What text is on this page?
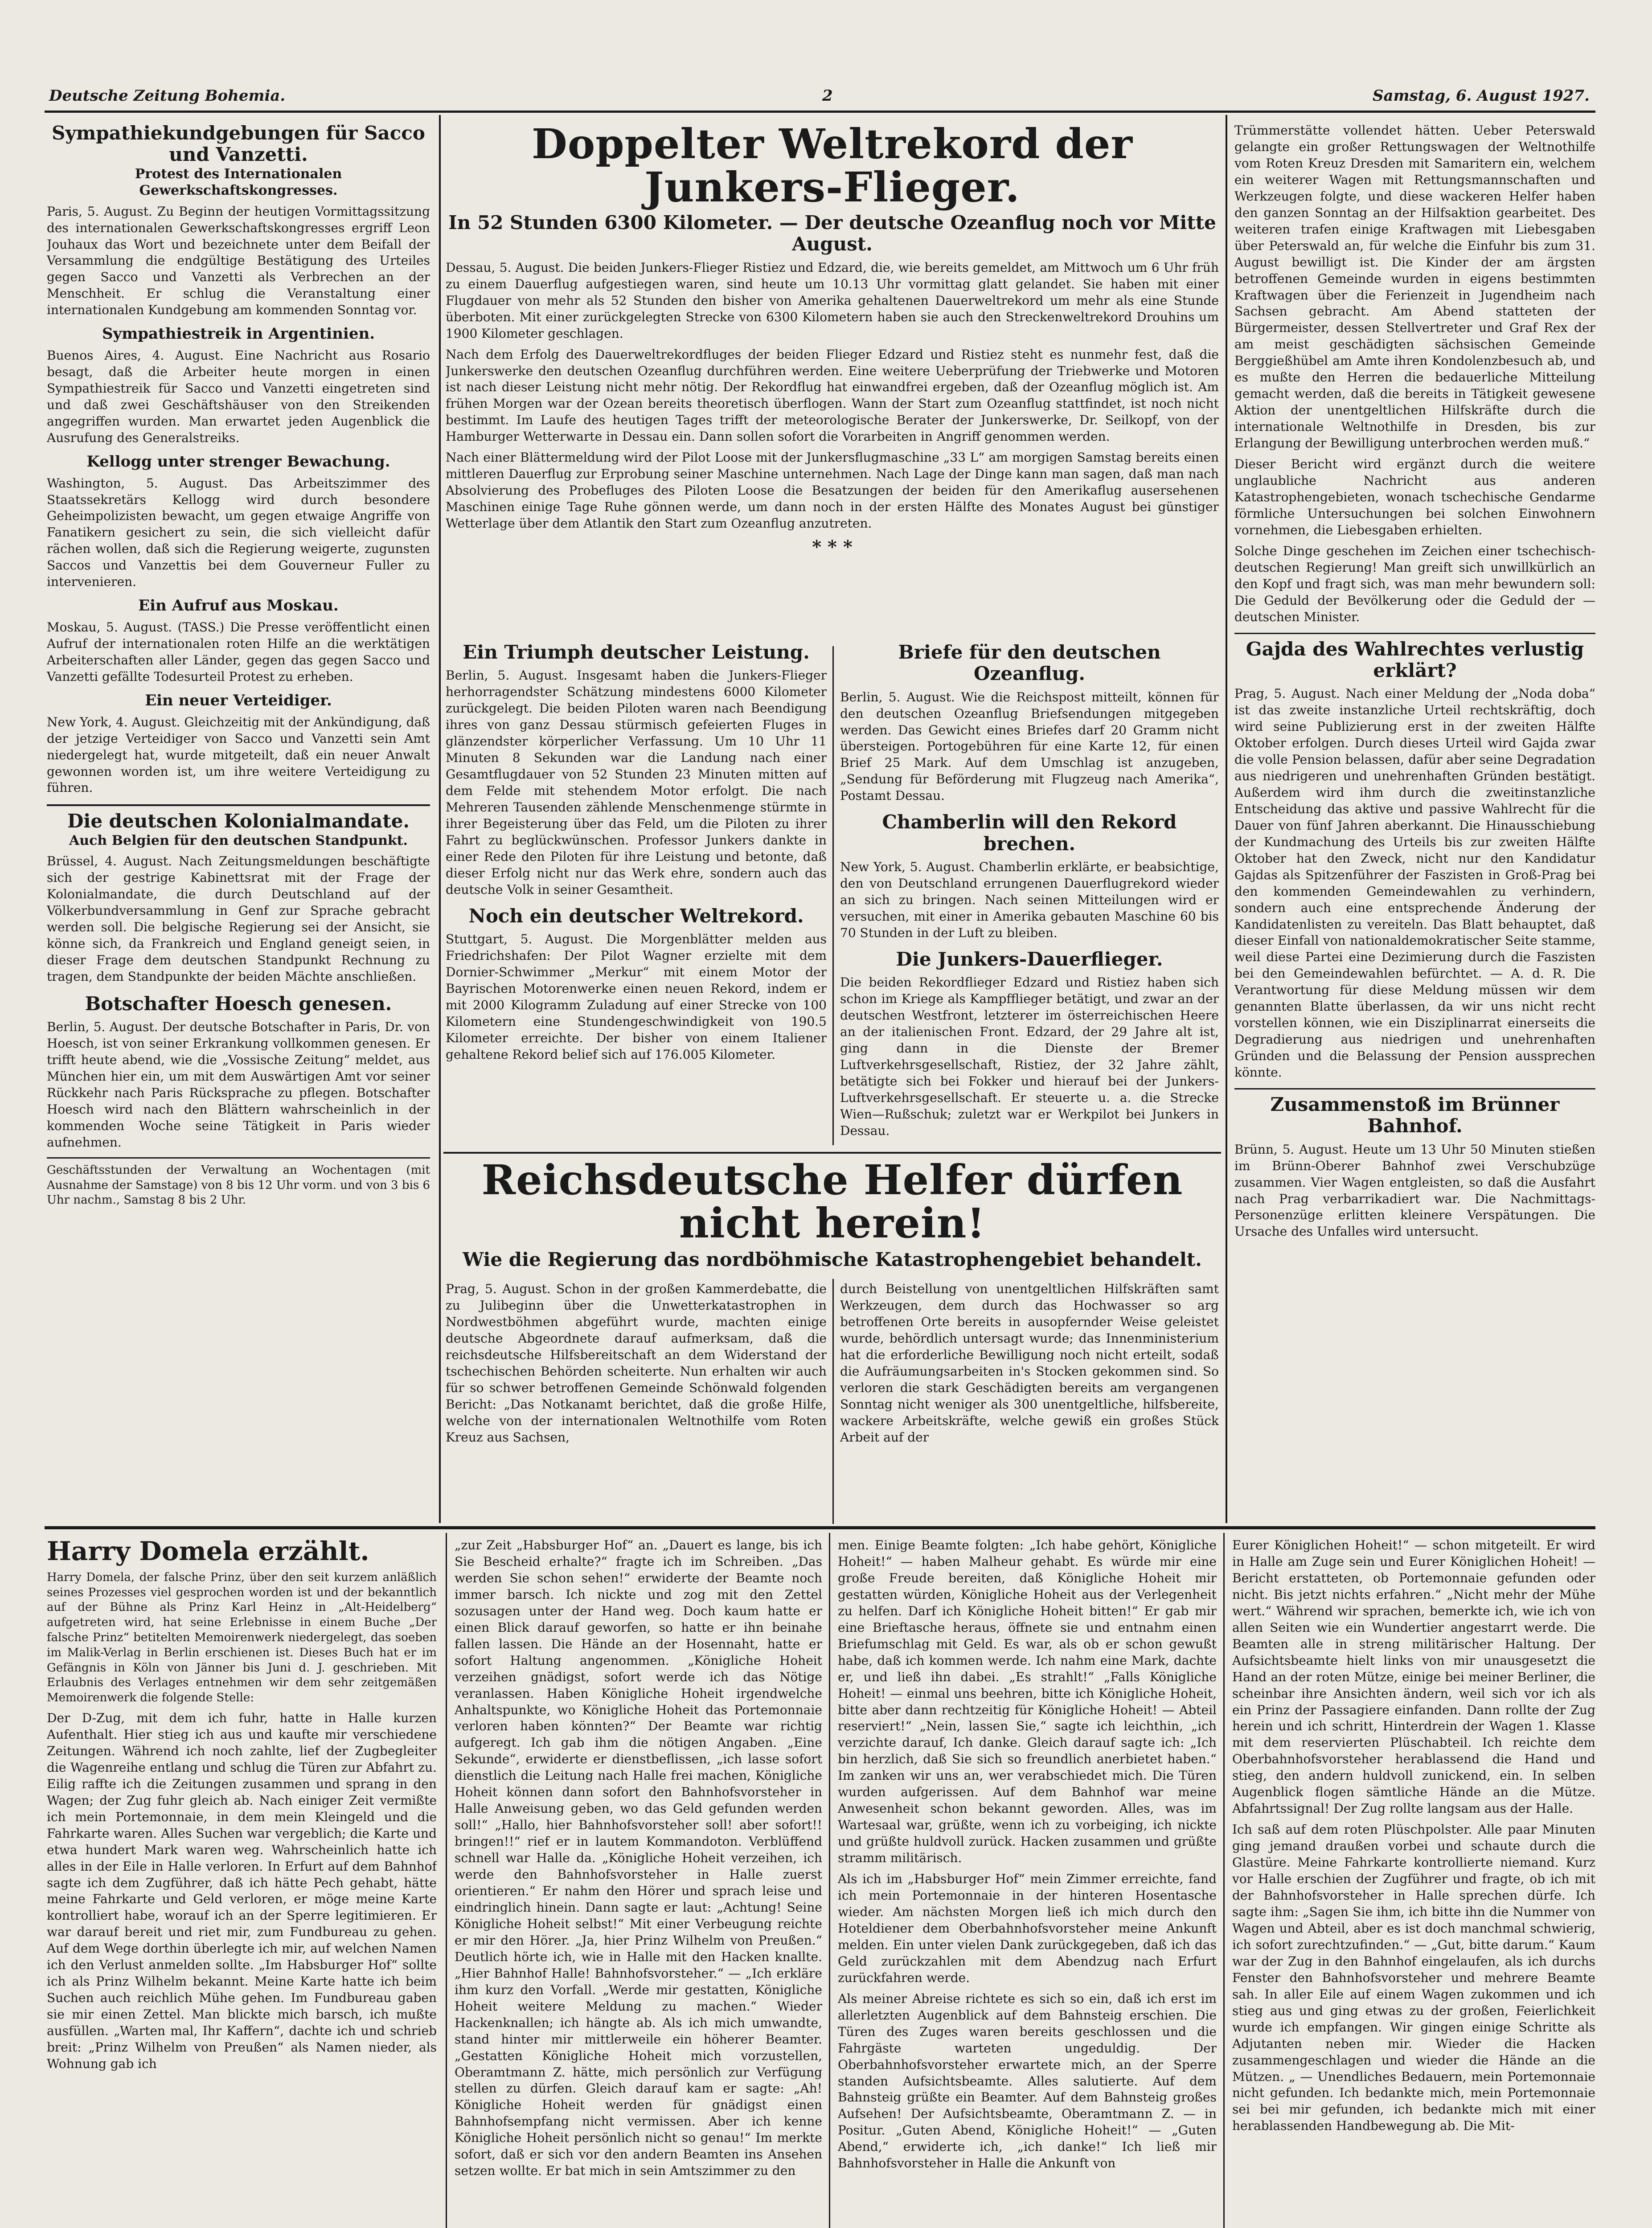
Deutsche Zeitung Bohemia.	2	Samstag, 6. August 1927.
Sympathiekundgebungen für Sacco und Vanzetti.
Protest des Internationalen Gewerkschaftskongresses.

Paris, 5. August. Zu Beginn der heutigen Vormittagssitzung des internationalen Gewerkschaftskongresses ergriff Leon Jouhaux das Wort und bezeichnete unter dem Beifall der Versammlung die endgültige Bestätigung des Urteiles gegen Sacco und Vanzetti als Verbrechen an der Menschheit. Er schlug die Veranstaltung einer internationalen Kundgebung am kommenden Sonntag vor.

Sympathiestreik in Argentinien.

Buenos Aires, 4. August. Eine Nachricht aus Rosario besagt, daß die Arbeiter heute morgen in einen Sympathiestreik für Sacco und Vanzetti eingetreten sind und daß zwei Geschäftshäuser von den Streikenden angegriffen wurden. Man erwartet jeden Augenblick die Ausrufung des Generalstreiks.

Kellogg unter strenger Bewachung.

Washington, 5. August. Das Arbeitszimmer des Staatssekretärs Kellogg wird durch besondere Geheimpolizisten bewacht, um gegen etwaige Angriffe von Fanatikern gesichert zu sein, die sich vielleicht dafür rächen wollen, daß sich die Regierung weigerte, zugunsten Saccos und Vanzettis bei dem Gouverneur Fuller zu intervenieren.

Ein Aufruf aus Moskau.

Moskau, 5. August. (TASS.) Die Presse veröffentlicht einen Aufruf der internationalen roten Hilfe an die werktätigen Arbeiterschaften aller Länder, gegen das gegen Sacco und Vanzetti gefällte Todesurteil Protest zu erheben.

Ein neuer Verteidiger.

New York, 4. August. Gleichzeitig mit der Ankündigung, daß der jetzige Verteidiger von Sacco und Vanzetti sein Amt niedergelegt hat, wurde mitgeteilt, daß ein neuer Anwalt gewonnen worden ist, um ihre weitere Verteidigung zu führen.

Die deutschen Kolonialmandate.
Auch Belgien für den deutschen Standpunkt.

Brüssel, 4. August. Nach Zeitungsmeldungen beschäftigte sich der gestrige Kabinettsrat mit der Frage der Kolonialmandate, die durch Deutschland auf der Völkerbundversammlung in Genf zur Sprache gebracht werden soll. Die belgische Regierung sei der Ansicht, sie könne sich, da Frankreich und England geneigt seien, in dieser Frage dem deutschen Standpunkt Rechnung zu tragen, dem Standpunkte der beiden Mächte anschließen.

Botschafter Hoesch genesen.

Berlin, 5. August. Der deutsche Botschafter in Paris, Dr. von Hoesch, ist von seiner Erkrankung vollkommen genesen. Er trifft heute abend, wie die „Vossische Zeitung“ meldet, aus München hier ein, um mit dem Auswärtigen Amt vor seiner Rückkehr nach Paris Rücksprache zu pflegen. Botschafter Hoesch wird nach den Blättern wahrscheinlich in der kommenden Woche seine Tätigkeit in Paris wieder aufnehmen.

Geschäftsstunden der Verwaltung an Wochentagen (mit Ausnahme der Samstage) von 8 bis 12 Uhr vorm. und von 3 bis 6 Uhr nachm., Samstag 8 bis 2 Uhr.

Doppelter Weltrekord der Junkers-Flieger.
In 52 Stunden 6300 Kilometer. — Der deutsche Ozeanflug noch vor Mitte August.

Dessau, 5. August. Die beiden Junkers-Flieger Ristiez und Edzard, die, wie bereits gemeldet, am Mittwoch um 6 Uhr früh zu einem Dauerflug aufgestiegen waren, sind heute um 10.13 Uhr vormittag glatt gelandet. Sie haben mit einer Flugdauer von mehr als 52 Stunden den bisher von Amerika gehaltenen Dauerweltrekord um mehr als eine Stunde überboten. Mit einer zurückgelegten Strecke von 6300 Kilometern haben sie auch den Streckenweltrekord Drouhins um 1900 Kilometer geschlagen.

Nach dem Erfolg des Dauerweltrekordfluges der beiden Flieger Edzard und Ristiez steht es nunmehr fest, daß die Junkerswerke den deutschen Ozeanflug durchführen werden. Eine weitere Ueberprüfung der Triebwerke und Motoren ist nach dieser Leistung nicht mehr nötig. Der Rekordflug hat einwandfrei ergeben, daß der Ozeanflug möglich ist. Am frühen Morgen war der Ozean bereits theoretisch überflogen. Wann der Start zum Ozeanflug stattfindet, ist noch nicht bestimmt. Im Laufe des heutigen Tages trifft der meteorologische Berater der Junkerswerke, Dr. Seilkopf, von der Hamburger Wetterwarte in Dessau ein. Dann sollen sofort die Vorarbeiten in Angriff genommen werden.

Nach einer Blättermeldung wird der Pilot Loose mit der Junkersflugmaschine „33 L“ am morgigen Samstag bereits einen mittleren Dauerflug zur Erprobung seiner Maschine unternehmen. Nach Lage der Dinge kann man sagen, daß man nach Absolvierung des Probefluges des Piloten Loose die Besatzungen der beiden für den Amerikaflug ausersehenen Maschinen einige Tage Ruhe gönnen werde, um dann noch in der ersten Hälfte des Monates August bei günstiger Wetterlage über dem Atlantik den Start zum Ozeanflug anzutreten.

* * *
Ein Triumph deutscher Leistung.

Berlin, 5. August. Insgesamt haben die Junkers-Flieger herhorragendster Schätzung mindestens 6000 Kilometer zurückgelegt. Die beiden Piloten waren nach Beendigung ihres von ganz Dessau stürmisch gefeierten Fluges in glänzendster körperlicher Verfassung. Um 10 Uhr 11 Minuten 8 Sekunden war die Landung nach einer Gesamtflugdauer von 52 Stunden 23 Minuten mitten auf dem Felde mit stehendem Motor erfolgt. Die nach Mehreren Tausenden zählende Menschenmenge stürmte in ihrer Begeisterung über das Feld, um die Piloten zu ihrer Fahrt zu beglückwünschen. Professor Junkers dankte in einer Rede den Piloten für ihre Leistung und betonte, daß dieser Erfolg nicht nur das Werk ehre, sondern auch das deutsche Volk in seiner Gesamtheit.

Noch ein deutscher Weltrekord.

Stuttgart, 5. August. Die Morgenblätter melden aus Friedrichshafen: Der Pilot Wagner erzielte mit dem Dornier-Schwimmer „Merkur“ mit einem Motor der Bayrischen Motorenwerke einen neuen Rekord, indem er mit 2000 Kilogramm Zuladung auf einer Strecke von 100 Kilometern eine Stundengeschwindigkeit von 190.5 Kilometer erreichte. Der bisher von einem Italiener gehaltene Rekord belief sich auf 176.005 Kilometer.

Briefe für den deutschen Ozeanflug.

Berlin, 5. August. Wie die Reichspost mitteilt, können für den deutschen Ozeanflug Briefsendungen mitgegeben werden. Das Gewicht eines Briefes darf 20 Gramm nicht übersteigen. Portogebühren für eine Karte 12, für einen Brief 25 Mark. Auf dem Umschlag ist anzugeben, „Sendung für Beförderung mit Flugzeug nach Amerika“, Postamt Dessau.

Chamberlin will den Rekord brechen.

New York, 5. August. Chamberlin erklärte, er beabsichtige, den von Deutschland errungenen Dauerflugrekord wieder an sich zu bringen. Nach seinen Mitteilungen wird er versuchen, mit einer in Amerika gebauten Maschine 60 bis 70 Stunden in der Luft zu bleiben.

Die Junkers-Dauerflieger.

Die beiden Rekordflieger Edzard und Ristiez haben sich schon im Kriege als Kampfflieger betätigt, und zwar an der deutschen Westfront, letzterer im österreichischen Heere an der italienischen Front. Edzard, der 29 Jahre alt ist, ging dann in die Dienste der Bremer Luftverkehrsgesellschaft, Ristiez, der 32 Jahre zählt, betätigte sich bei Fokker und hierauf bei der Junkers-Luftverkehrsgesellschaft. Er steuerte u. a. die Strecke Wien—Rußschuk; zuletzt war er Werkpilot bei Junkers in Dessau.

Reichsdeutsche Helfer dürfen nicht herein!
Wie die Regierung das nordböhmische Katastrophengebiet behandelt.

Prag, 5. August. Schon in der großen Kammerdebatte, die zu Julibeginn über die Unwetterkatastrophen in Nordwestböhmen abgeführt wurde, machten einige deutsche Abgeordnete darauf aufmerksam, daß die reichsdeutsche Hilfsbereitschaft an dem Widerstand der tschechischen Behörden scheiterte. Nun erhalten wir auch für so schwer betroffenen Gemeinde Schönwald folgenden Bericht: „Das Notkanamt berichtet, daß die große Hilfe, welche von der internationalen Weltnothilfe vom Roten Kreuz aus Sachsen,

durch Beistellung von unentgeltlichen Hilfskräften samt Werkzeugen, dem durch das Hochwasser so arg betroffenen Orte bereits in ausopfernder Weise geleistet wurde, behördlich untersagt wurde; das Innenministerium hat die erforderliche Bewilligung noch nicht erteilt, sodaß die Aufräumungsarbeiten in's Stocken gekommen sind. So verloren die stark Geschädigten bereits am vergangenen Sonntag nicht weniger als 300 unentgeltliche, hilfsbereite, wackere Arbeitskräfte, welche gewiß ein großes Stück Arbeit auf der

Trümmerstätte vollendet hätten. Ueber Peterswald gelangte ein großer Rettungswagen der Weltnothilfe vom Roten Kreuz Dresden mit Samaritern ein, welchem ein weiterer Wagen mit Rettungsmannschaften und Werkzeugen folgte, und diese wackeren Helfer haben den ganzen Sonntag an der Hilfsaktion gearbeitet. Des weiteren trafen einige Kraftwagen mit Liebesgaben über Peterswald an, für welche die Einfuhr bis zum 31. August bewilligt ist. Die Kinder der am ärgsten betroffenen Gemeinde wurden in eigens bestimmten Kraftwagen über die Ferienzeit in Jugendheim nach Sachsen gebracht. Am Abend statteten der Bürgermeister, dessen Stellvertreter und Graf Rex der am meist geschädigten sächsischen Gemeinde Berggießhübel am Amte ihren Kondolenzbesuch ab, und es mußte den Herren die bedauerliche Mitteilung gemacht werden, daß die bereits in Tätigkeit gewesene Aktion der unentgeltlichen Hilfskräfte durch die internationale Weltnothilfe in Dresden, bis zur Erlangung der Bewilligung unterbrochen werden muß.“

Dieser Bericht wird ergänzt durch die weitere unglaubliche Nachricht aus anderen Katastrophengebieten, wonach tschechische Gendarme förmliche Untersuchungen bei solchen Einwohnern vornehmen, die Liebesgaben erhielten.

Solche Dinge geschehen im Zeichen einer tschechisch-deutschen Regierung! Man greift sich unwillkürlich an den Kopf und fragt sich, was man mehr bewundern soll: Die Geduld der Bevölkerung oder die Geduld der — deutschen Minister.

Gajda des Wahlrechtes verlustig erklärt?

Prag, 5. August. Nach einer Meldung der „Noda doba“ ist das zweite instanzliche Urteil rechtskräftig, doch wird seine Publizierung erst in der zweiten Hälfte Oktober erfolgen. Durch dieses Urteil wird Gajda zwar die volle Pension belassen, dafür aber seine Degradation aus niedrigeren und unehrenhaften Gründen bestätigt. Außerdem wird ihm durch die zweitinstanzliche Entscheidung das aktive und passive Wahlrecht für die Dauer von fünf Jahren aberkannt. Die Hinausschiebung der Kundmachung des Urteils bis zur zweiten Hälfte Oktober hat den Zweck, nicht nur den Kandidatur Gajdas als Spitzenführer der Faszisten in Groß-Prag bei den kommenden Gemeindewahlen zu verhindern, sondern auch eine entsprechende Änderung der Kandidatenlisten zu vereiteln. Das Blatt behauptet, daß dieser Einfall von nationaldemokratischer Seite stamme, weil diese Partei eine Dezimierung durch die Faszisten bei den Gemeindewahlen befürchtet. — A. d. R. Die Verantwortung für diese Meldung müssen wir dem genannten Blatte überlassen, da wir uns nicht recht vorstellen können, wie ein Disziplinarrat einerseits die Degradierung aus niedrigen und unehrenhaften Gründen und die Belassung der Pension aussprechen könnte.

Zusammenstoß im Brünner Bahnhof.

Brünn, 5. August. Heute um 13 Uhr 50 Minuten stießen im Brünn-Oberer Bahnhof zwei Verschubzüge zusammen. Vier Wagen entgleisten, so daß die Ausfahrt nach Prag verbarrikadiert war. Die Nachmittags-Personenzüge erlitten kleinere Verspätungen. Die Ursache des Unfalles wird untersucht.

Harry Domela erzählt.

Harry Domela, der falsche Prinz, über den seit kurzem anläßlich seines Prozesses viel gesprochen worden ist und der bekanntlich auf der Bühne als Prinz Karl Heinz in „Alt-Heidelberg“ aufgetreten wird, hat seine Erlebnisse in einem Buche „Der falsche Prinz“ betitelten Memoirenwerk niedergelegt, das soeben im Malik-Verlag in Berlin erschienen ist. Dieses Buch hat er im Gefängnis in Köln von Jänner bis Juni d. J. geschrieben. Mit Erlaubnis des Verlages entnehmen wir dem sehr zeitgemäßen Memoirenwerk die folgende Stelle:

Der D-Zug, mit dem ich fuhr, hatte in Halle kurzen Aufenthalt. Hier stieg ich aus und kaufte mir verschiedene Zeitungen. Während ich noch zahlte, lief der Zugbegleiter die Wagenreihe entlang und schlug die Türen zur Abfahrt zu. Eilig raffte ich die Zeitungen zusammen und sprang in den Wagen; der Zug fuhr gleich ab. Nach einiger Zeit vermißte ich mein Portemonnaie, in dem mein Kleingeld und die Fahrkarte waren. Alles Suchen war vergeblich; die Karte und etwa hundert Mark waren weg. Wahrscheinlich hatte ich alles in der Eile in Halle verloren. In Erfurt auf dem Bahnhof sagte ich dem Zugführer, daß ich hätte Pech gehabt, hätte meine Fahrkarte und Geld verloren, er möge meine Karte kontrolliert habe, worauf ich an der Sperre legitimieren. Er war darauf bereit und riet mir, zum Fundbureau zu gehen. Auf dem Wege dorthin überlegte ich mir, auf welchen Namen ich den Verlust anmelden sollte. „Im Habsburger Hof“ sollte ich als Prinz Wilhelm bekannt. Meine Karte hatte ich beim Suchen auch reichlich Mühe gehen. Im Fundbureau gaben sie mir einen Zettel. Man blickte mich barsch, ich mußte ausfüllen. „Warten mal, Ihr Kaffern“, dachte ich und schrieb breit: „Prinz Wilhelm von Preußen“ als Namen nieder, als Wohnung gab ich

„zur Zeit „Habsburger Hof“ an. „Dauert es lange, bis ich Sie Bescheid erhalte?“ fragte ich im Schreiben. „Das werden Sie schon sehen!“ erwiderte der Beamte noch immer barsch. Ich nickte und zog mit den Zettel sozusagen unter der Hand weg. Doch kaum hatte er einen Blick darauf geworfen, so hatte er ihn beinahe fallen lassen. Die Hände an der Hosennaht, hatte er sofort Haltung angenommen. „Königliche Hoheit verzeihen gnädigst, sofort werde ich das Nötige veranlassen. Haben Königliche Hoheit irgendwelche Anhaltspunkte, wo Königliche Hoheit das Portemonnaie verloren haben könnten?“ Der Beamte war richtig aufgeregt. Ich gab ihm die nötigen Angaben. „Eine Sekunde“, erwiderte er dienstbeflissen, „ich lasse sofort dienstlich die Leitung nach Halle frei machen, Königliche Hoheit können dann sofort den Bahnhofsvorsteher in Halle Anweisung geben, wo das Geld gefunden werden soll!“ „Hallo, hier Bahnhofsvorsteher soll! aber sofort!! bringen!!“ rief er in lautem Kommandoton. Verblüffend schnell war Halle da. „Königliche Hoheit verzeihen, ich werde den Bahnhofsvorsteher in Halle zuerst orientieren.“ Er nahm den Hörer und sprach leise und eindringlich hinein. Dann sagte er laut: „Achtung! Seine Königliche Hoheit selbst!“ Mit einer Verbeugung reichte er mir den Hörer. „Ja, hier Prinz Wilhelm von Preußen.“ Deutlich hörte ich, wie in Halle mit den Hacken knallte. „Hier Bahnhof Halle! Bahnhofsvorsteher.“ — „Ich erkläre ihm kurz den Vorfall. „Werde mir gestatten, Königliche Hoheit weitere Meldung zu machen.“ Wieder Hackenknallen; ich hängte ab. Als ich mich umwandte, stand hinter mir mittlerweile ein höherer Beamter. „Gestatten Königliche Hoheit mich vorzustellen, Oberamtmann Z. hätte, mich persönlich zur Verfügung stellen zu dürfen. Gleich darauf kam er sagte: „Ah! Königliche Hoheit werden für gnädigst einen Bahnhofsempfang nicht vermissen. Aber ich kenne Königliche Hoheit persönlich nicht so genau!“ Im merkte sofort, daß er sich vor den andern Beamten ins Ansehen setzen wollte. Er bat mich in sein Amtszimmer zu den

men. Einige Beamte folgten: „Ich habe gehört, Königliche Hoheit!“ — haben Malheur gehabt. Es würde mir eine große Freude bereiten, daß Königliche Hoheit mir gestatten würden, Königliche Hoheit aus der Verlegenheit zu helfen. Darf ich Königliche Hoheit bitten!“ Er gab mir eine Brieftasche heraus, öffnete sie und entnahm einen Briefumschlag mit Geld. Es war, als ob er schon gewußt habe, daß ich kommen werde. Ich nahm eine Mark, dachte er, und ließ ihn dabei. „Es strahlt!“ „Falls Königliche Hoheit! — einmal uns beehren, bitte ich Königliche Hoheit, bitte aber dann rechtzeitig für Königliche Hoheit! — Abteil reserviert!“ „Nein, lassen Sie,“ sagte ich leichthin, „ich verzichte darauf, Ich danke. Gleich darauf sagte ich: „Ich bin herzlich, daß Sie sich so freundlich anerbietet haben.“ Im zanken wir uns an, wer verabschiedet mich. Die Türen wurden aufgerissen. Auf dem Bahnhof war meine Anwesenheit schon bekannt geworden. Alles, was im Wartesaal war, grüßte, wenn ich zu vorbeiging, ich nickte und grüßte huldvoll zurück. Hacken zusammen und grüßte stramm militärisch.

Als ich im „Habsburger Hof“ mein Zimmer erreichte, fand ich mein Portemonnaie in der hinteren Hosentasche wieder. Am nächsten Morgen ließ ich mich durch den Hoteldiener dem Oberbahnhofsvorsteher meine Ankunft melden. Ein unter vielen Dank zurückgegeben, daß ich das Geld zurückzahlen mit dem Abendzug nach Erfurt zurückfahren werde.

Als meiner Abreise richtete es sich so ein, daß ich erst im allerletzten Augenblick auf dem Bahnsteig erschien. Die Türen des Zuges waren bereits geschlossen und die Fahrgäste warteten ungeduldig. Der Oberbahnhofsvorsteher erwartete mich, an der Sperre standen Aufsichtsbeamte. Alles salutierte. Auf dem Bahnsteig grüßte ein Beamter. Auf dem Bahnsteig großes Aufsehen! Der Aufsichtsbeamte, Oberamtmann Z. — in Positur. „Guten Abend, Königliche Hoheit!“ — „Guten Abend,“ erwiderte ich, „ich danke!“ Ich ließ mir Bahnhofsvorsteher in Halle die Ankunft von

Eurer Königlichen Hoheit!“ — schon mitgeteilt. Er wird in Halle am Zuge sein und Eurer Königlichen Hoheit! — Bericht erstatteten, ob Portemonnaie gefunden oder nicht. Bis jetzt nichts erfahren.“ „Nicht mehr der Mühe wert.“ Während wir sprachen, bemerkte ich, wie ich von allen Seiten wie ein Wundertier angestarrt werde. Die Beamten alle in streng militärischer Haltung. Der Aufsichtsbeamte hielt links von mir unausgesetzt die Hand an der roten Mütze, einige bei meiner Berliner, die scheinbar ihre Ansichten ändern, weil sich vor ich als ein Prinz der Passagiere einfanden. Dann rollte der Zug herein und ich schritt, Hinterdrein der Wagen 1. Klasse mit dem reservierten Plüschabteil. Ich reichte dem Oberbahnhofsvorsteher herablassend die Hand und stieg, den andern huldvoll zunickend, ein. In selben Augenblick flogen sämtliche Hände an die Mütze. Abfahrtssignal! Der Zug rollte langsam aus der Halle.

Ich saß auf dem roten Plüschpolster. Alle paar Minuten ging jemand draußen vorbei und schaute durch die Glastüre. Meine Fahrkarte kontrollierte niemand. Kurz vor Halle erschien der Zugführer und fragte, ob ich mit der Bahnhofsvorsteher in Halle sprechen dürfe. Ich sagte ihm: „Sagen Sie ihm, ich bitte ihn die Nummer von Wagen und Abteil, aber es ist doch manchmal schwierig, ich sofort zurechtzufinden.“ — „Gut, bitte darum.“ Kaum war der Zug in den Bahnhof eingelaufen, als ich durchs Fenster den Bahnhofsvorsteher und mehrere Beamte sah. In aller Eile auf einem Wagen zukommen und ich stieg aus und ging etwas zu der großen, Feierlichkeit wurde ich empfangen. Wir gingen einige Schritte als Adjutanten neben mir. Wieder die Hacken zusammengeschlagen und wieder die Hände an die Mützen. „ — Unendliches Bedauern, mein Portemonnaie nicht gefunden. Ich bedankte mich, mein Portemonnaie sei bei mir gefunden, ich bedankte mich mit einer herablassenden Handbewegung ab. Die Mit-
